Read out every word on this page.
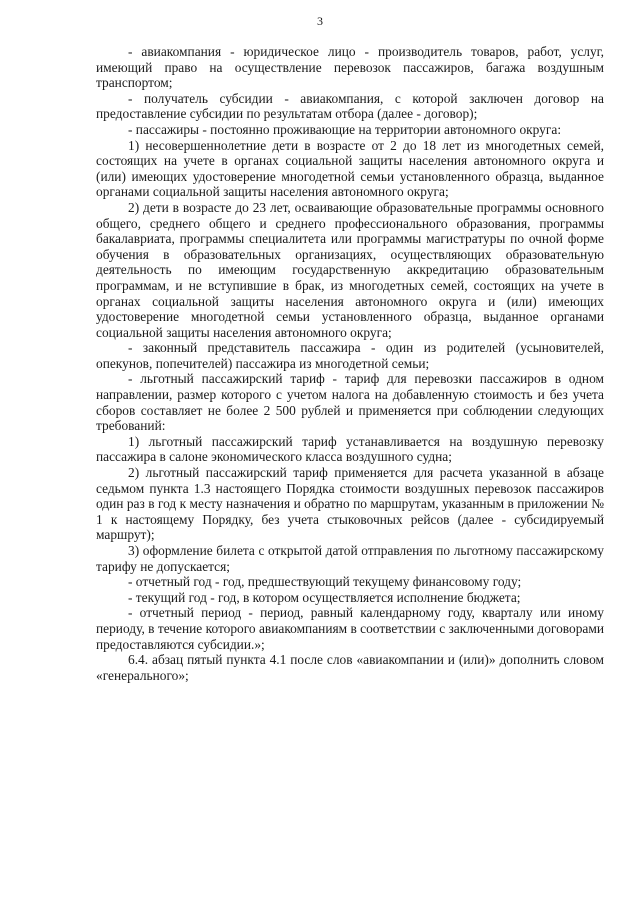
3

- авиакомпания - юридическое лицо - производитель товаров, работ, услуг, имеющий право на осуществление перевозок пассажиров, багажа воздушным транспортом;

- получатель субсидии - авиакомпания, с которой заключен договор на предоставление субсидии по результатам отбора (далее - договор);

- пассажиры - постоянно проживающие на территории автономного округа:

1) несовершеннолетние дети в возрасте от 2 до 18 лет из многодетных семей, состоящих на учете в органах социальной защиты населения автономного округа и (или) имеющих удостоверение многодетной семьи установленного образца, выданное органами социальной защиты населения автономного округа;

2) дети в возрасте до 23 лет, осваивающие образовательные программы основного общего, среднего общего и среднего профессионального образования, программы бакалавриата, программы специалитета или программы магистратуры по очной форме обучения в образовательных организациях, осуществляющих образовательную деятельность по имеющим государственную аккредитацию образовательным программам, и не вступившие в брак, из многодетных семей, состоящих на учете в органах социальной защиты населения автономного округа и (или) имеющих удостоверение многодетной семьи установленного образца, выданное органами социальной защиты населения автономного округа;

- законный представитель пассажира - один из родителей (усыновителей, опекунов, попечителей) пассажира из многодетной семьи;

- льготный пассажирский тариф - тариф для перевозки пассажиров в одном направлении, размер которого с учетом налога на добавленную стоимость и без учета сборов составляет не более 2 500 рублей и применяется при соблюдении следующих требований:

1) льготный пассажирский тариф устанавливается на воздушную перевозку пассажира в салоне экономического класса воздушного судна;

2) льготный пассажирский тариф применяется для расчета указанной в абзаце седьмом пункта 1.3 настоящего Порядка стоимости воздушных перевозок пассажиров один раз в год к месту назначения и обратно по маршрутам, указанным в приложении № 1 к настоящему Порядку, без учета стыковочных рейсов (далее - субсидируемый маршрут);

3) оформление билета с открытой датой отправления по льготному пассажирскому тарифу не допускается;

- отчетный год - год, предшествующий текущему финансовому году;

- текущий год - год, в котором осуществляется исполнение бюджета;

- отчетный период - период, равный календарному году, кварталу или иному периоду, в течение которого авиакомпаниям в соответствии с заключенными договорами предоставляются субсидии.»;

6.4. абзац пятый пункта 4.1 после слов «авиакомпании и (или)» дополнить словом «генерального»;
